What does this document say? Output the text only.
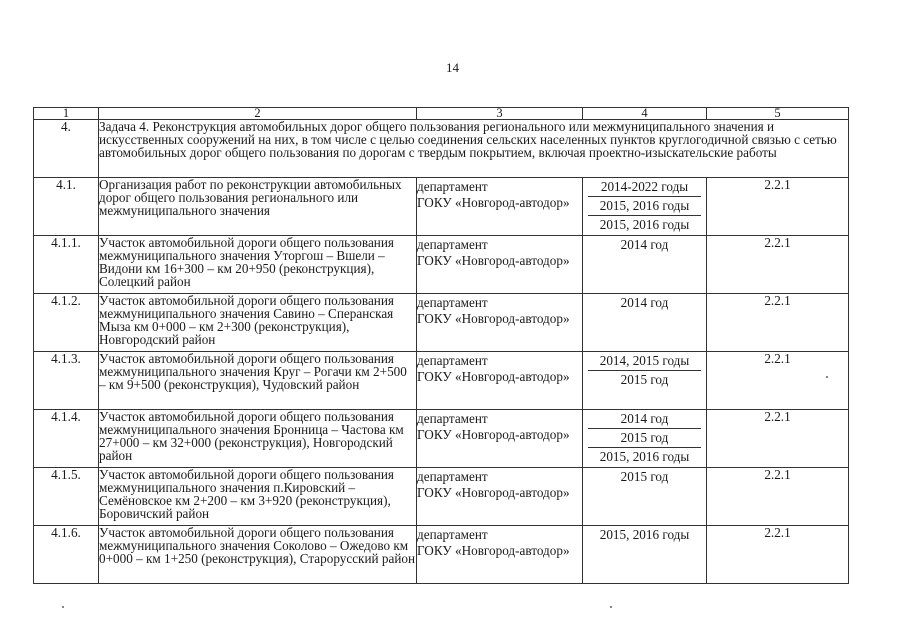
14
1	2	3	4	5
4.	Задача 4. Реконструкция автомобильных дорог общего пользования регионального или межмуниципального значения и искусственных сооружений на них, в том числе с целью соединения сельских населенных пунктов круглогодичной связью с сетью автомобильных дорог общего пользования по дорогам с твердым покрытием, включая проектно-изыскательские работы			
4.1.	Организация работ по реконструкции автомобильных дорог общего пользования регионального или межмуниципального значения	департамент
ГОКУ «Новгород-автодор»	2014-2022 годы
2015, 2016 годы
2015, 2016 годы	2.2.1
4.1.1.	Участок автомобильной дороги общего пользования межмуниципального значения Уторгош – Вшели – Видони км 16+300 – км 20+950 (реконструкция), Солецкий район	департамент
ГОКУ «Новгород-автодор»	2014 год	2.2.1
4.1.2.	Участок автомобильной дороги общего пользования межмуниципального значения Савино – Сперанская Мыза км 0+000 – км 2+300 (реконструкция), Новгородский район	департамент
ГОКУ «Новгород-автодор»	2014 год	2.2.1
4.1.3.	Участок автомобильной дороги общего пользования межмуниципального значения Круг – Рогачи км 2+500 – км 9+500 (реконструкция), Чудовский район	департамент
ГОКУ «Новгород-автодор»	2014, 2015 годы
2015 год	2.2.1
4.1.4.	Участок автомобильной дороги общего пользования межмуниципального значения Бронница – Частова км 27+000 – км 32+000 (реконструкция), Новгородский район	департамент
ГОКУ «Новгород-автодор»	2014 год
2015 год
2015, 2016 годы	2.2.1
4.1.5.	Участок автомобильной дороги общего пользования межмуниципального значения п.Кировский – Семёновское км 2+200 – км 3+920 (реконструкция), Боровичский район	департамент
ГОКУ «Новгород-автодор»	2015 год	2.2.1
4.1.6.	Участок автомобильной дороги общего пользования межмуниципального значения Соколово – Ожедово км 0+000 – км 1+250 (реконструкция), Старорусский район	департамент
ГОКУ «Новгород-автодор»	2015, 2016 годы	2.2.1
